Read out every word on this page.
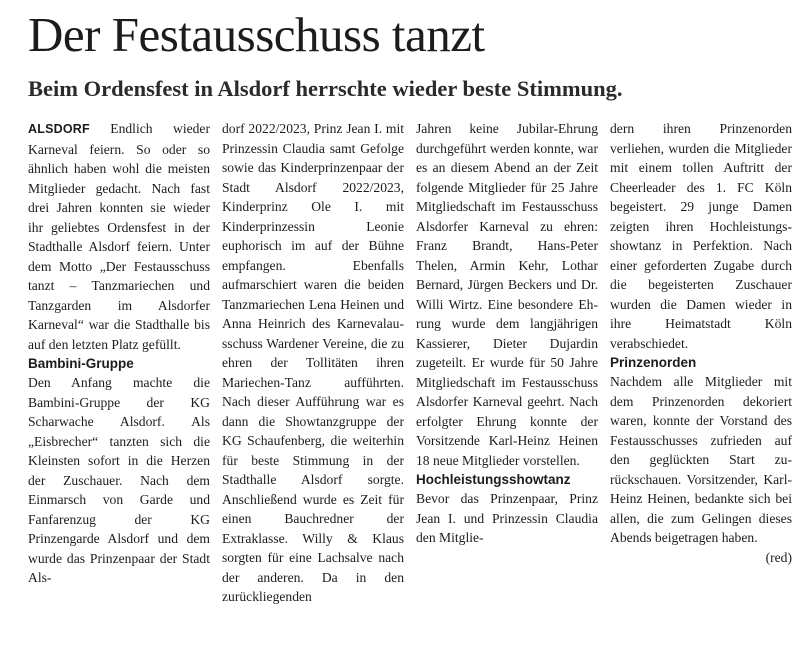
Der Festausschuss tanzt
Beim Ordensfest in Alsdorf herrschte wieder beste Stimmung.

ALSDORF Endlich wieder Karneval feiern. So oder so ähnlich haben wohl die meisten Mitglieder gedacht. Nach fast drei Jahren konnten sie wieder ihr geliebtes Ordensfest in der Stadthalle Alsdorf feiern. Unter dem Motto „Der Festausschuss tanzt – Tanzmariechen und Tanzgarden im Alsdorfer Karneval“ war die Stadthalle bis auf den letzten Platz gefüllt.

Bambini-Gruppe

Den Anfang machte die Bambini-Gruppe der KG Scharwache Alsdorf. Als „Eisbrecher“ tanzten sich die Kleinsten sofort in die Herzen der Zuschauer. Nach dem Einmarsch von Garde und Fanfarenzug der KG Prinzengarde Alsdorf und dem wurde das Prinzenpaar der Stadt Als-

dorf 2022/2023, Prinz Jean I. mit Prinzessin Claudia samt Gefolge sowie das Kinderprinzenpaar der Stadt Alsdorf 2022/2023, Kinderprinz Ole I. mit Kinderprinzessin Leonie euphorisch im auf der Bühne empfangen. Ebenfalls aufmarschiert waren die beiden Tanzmariechen Lena Heinen und Anna Heinrich des Karnevalausschuss Wardener Vereine, die zu ehren der Tollitäten ihren Mariechen-Tanz aufführten. Nach dieser Aufführung war es dann die Showtanzgruppe der KG Schaufenberg, die weiterhin für beste Stimmung in der Stadthalle Alsdorf sorgte. Anschließend wurde es Zeit für einen Bauchredner der Extraklasse. Willy & Klaus sorgten für eine Lachsalve nach der anderen. Da in den zurückliegenden

Jahren keine Jubilar-Ehrung durchgeführt werden konnte, war es an diesem Abend an der Zeit folgende Mitglieder für 25 Jahre Mitgliedschaft im Festausschuss Alsdorfer Karneval zu ehren: Franz Brandt, Hans-Peter Thelen, Armin Kehr, Lothar Bernard, Jürgen Beckers und Dr. Willi Wirtz. Eine besondere Ehrung wurde dem langjährigen Kassierer, Dieter Dujardin zugeteilt. Er wurde für 50 Jahre Mitgliedschaft im Festausschuss Alsdorfer Karneval geehrt. Nach erfolgter Ehrung konnte der Vorsitzende Karl-Heinz Heinen 18 neue Mitglieder vorstellen.

Hochleistungsshowtanz

Bevor das Prinzenpaar, Prinz Jean I. und Prinzessin Claudia den Mitglie-

dern ihren Prinzenorden verliehen, wurden die Mitglieder mit einem tollen Auftritt der Cheerleader des 1. FC Köln begeistert. 29 junge Damen zeigten ihren Hochleistungsshowtanz in Perfektion. Nach einer geforderten Zugabe durch die begeisterten Zuschauer wurden die Damen wieder in ihre Heimatstadt Köln verabschiedet.

Prinzenorden

Nachdem alle Mitglieder mit dem Prinzenorden dekoriert waren, konnte der Vorstand des Festausschusses zufrieden auf den geglückten Start zurückschauen. Vorsitzender, Karl-Heinz Heinen, bedankte sich bei allen, die zum Gelingen dieses Abends beigetragen haben.

(red)
